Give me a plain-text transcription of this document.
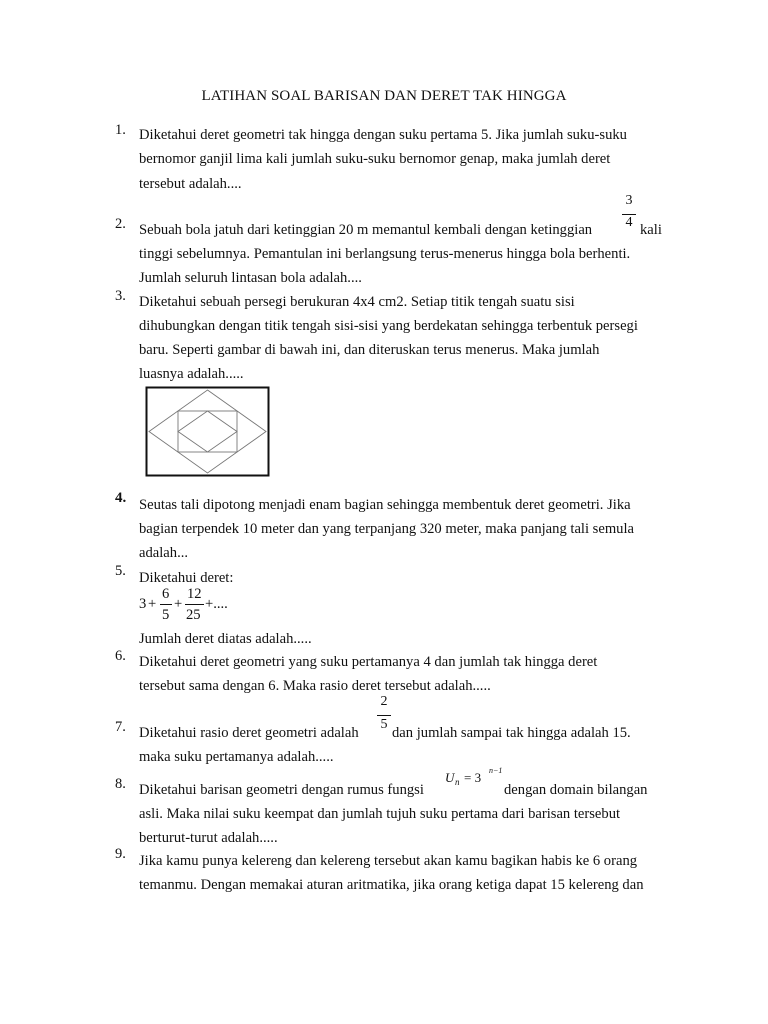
LATIHAN SOAL BARISAN DAN DERET TAK HINGGA
1. Diketahui deret geometri tak hingga dengan suku pertama 5. Jika jumlah suku-suku
bernomor ganjil lima kali jumlah suku-suku bernomor genap, maka jumlah deret
tersebut adalah....
2. Sebuah bola jatuh dari ketinggian 20 m memantul kembali dengan ketinggian
3
4 kali
tinggi sebelumnya. Pemantulan ini berlangsung terus-menerus hingga bola berhenti.
Jumlah seluruh lintasan bola adalah....
3. Diketahui sebuah persegi berukuran 4x4 cm2. Setiap titik tengah suatu sisi
dihubungkan dengan titik tengah sisi-sisi yang berdekatan sehingga terbentuk persegi
baru. Seperti gambar di bawah ini, dan diteruskan terus menerus. Maka jumlah
luasnya adalah.....
4. Seutas tali dipotong menjadi enam bagian sehingga membentuk deret geometri. Jika
bagian terpendek 10 meter dan yang terpanjang 320 meter, maka panjang tali semula
adalah...
5. Diketahui deret:
3 +
6
5
+
12
25
+....
Jumlah deret diatas adalah.....
6. Diketahui deret geometri yang suku pertamanya 4 dan jumlah tak hingga deret
tersebut sama dengan 6. Maka rasio deret tersebut adalah.....
7. Diketahui rasio deret geometri adalah
2
5
dan jumlah sampai tak hingga adalah 15.
maka suku pertamanya adalah.....
8. Diketahui barisan geometri dengan rumus fungsi
U n = 3 n−1
dengan domain bilangan
asli. Maka nilai suku keempat dan jumlah tujuh suku pertama dari barisan tersebut
berturut-turut adalah.....
9. Jika kamu punya kelereng dan kelereng tersebut akan kamu bagikan habis ke 6 orang
temanmu. Dengan memakai aturan aritmatika, jika orang ketiga dapat 15 kelereng dan
